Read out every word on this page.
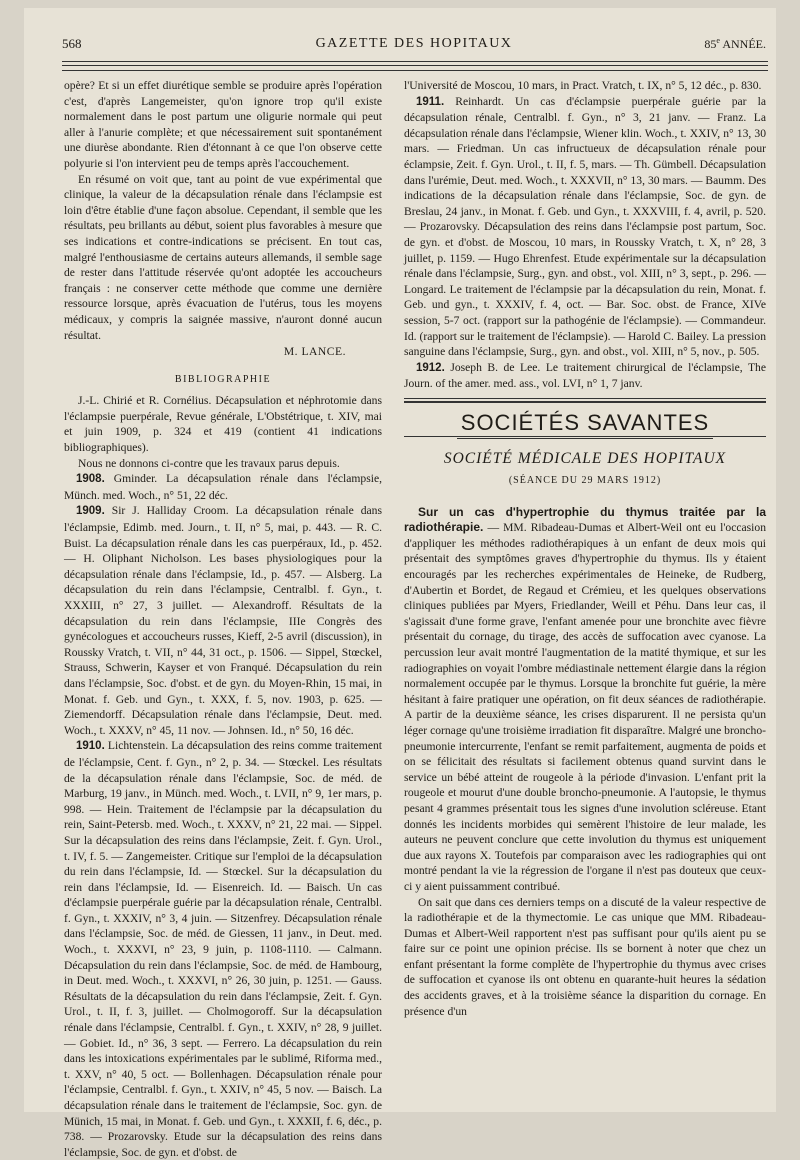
568	GAZETTE DES HOPITAUX	85e ANNÉE.

opère? Et si un effet diurétique semble se produire après l'opération c'est, d'après Langemeister, qu'on ignore trop qu'il existe normalement dans le post partum une oligurie normale qui peut aller à l'anurie complète; et que nécessairement suit spontanément une diurèse abondante. Rien d'étonnant à ce que l'on observe cette polyurie si l'on intervient peu de temps après l'accouchement.

En résumé on voit que, tant au point de vue expérimental que clinique, la valeur de la décapsulation rénale dans l'éclampsie est loin d'être établie d'une façon absolue. Cependant, il semble que les résultats, peu brillants au début, soient plus favorables à mesure que ses indications et contre-indications se précisent. En tout cas, malgré l'enthousiasme de certains auteurs allemands, il semble sage de rester dans l'attitude réservée qu'ont adoptée les accoucheurs français : ne conserver cette méthode que comme une dernière ressource lorsque, après évacuation de l'utérus, tous les moyens médicaux, y compris la saignée massive, n'auront donné aucun résultat.

M. LANCE.
BIBLIOGRAPHIE

J.-L. Chirié et R. Cornélius. Décapsulation et néphrotomie dans l'éclampsie puerpérale, Revue générale, L'Obstétrique, t. XIV, mai et juin 1909, p. 324 et 419 (contient 41 indications bibliographiques).

Nous ne donnons ci-contre que les travaux parus depuis.

1908. Gminder. La décapsulation rénale dans l'éclampsie, Münch. med. Woch., n° 51, 22 déc.

1909. Sir J. Halliday Croom. La décapsulation rénale dans l'éclampsie, Edimb. med. Journ., t. II, n° 5, mai, p. 443. — R. C. Buist. La décapsulation rénale dans les cas puerpéraux, Id., p. 452. — H. Oliphant Nicholson. Les bases physiologiques pour la décapsulation rénale dans l'éclampsie, Id., p. 457. — Alsberg. La décapsulation du rein dans l'éclampsie, Centralbl. f. Gyn., t. XXXIII, n° 27, 3 juillet. — Alexandroff. Résultats de la décapsulation du rein dans l'éclampsie, IIIe Congrès des gynécologues et accoucheurs russes, Kieff, 2-5 avril (discussion), in Roussky Vratch, t. VII, n° 44, 31 oct., p. 1506. — Sippel, Stœckel, Strauss, Schwerin, Kayser et von Franqué. Décapsulation du rein dans l'éclampsie, Soc. d'obst. et de gyn. du Moyen-Rhin, 15 mai, in Monat. f. Geb. und Gyn., t. XXX, f. 5, nov. 1903, p. 625. — Ziemendorff. Décapsulation rénale dans l'éclampsie, Deut. med. Woch., t. XXXV, n° 45, 11 nov. — Johnsen. Id., n° 50, 16 déc.

1910. Lichtenstein. La décapsulation des reins comme traitement de l'éclampsie, Cent. f. Gyn., n° 2, p. 34. — Stœckel. Les résultats de la décapsulation rénale dans l'éclampsie, Soc. de méd. de Marburg, 19 janv., in Münch. med. Woch., t. LVII, n° 9, 1er mars, p. 998. — Hein. Traitement de l'éclampsie par la décapsulation du rein, Saint-Petersb. med. Woch., t. XXXV, n° 21, 22 mai. — Sippel. Sur la décapsulation des reins dans l'éclampsie, Zeit. f. Gyn. Urol., t. IV, f. 5. — Zangemeister. Critique sur l'emploi de la décapsulation du rein dans l'éclampsie, Id. — Stœckel. Sur la décapsulation du rein dans l'éclampsie, Id. — Eisenreich. Id. — Baisch. Un cas d'éclampsie puerpérale guérie par la décapsulation rénale, Centralbl. f. Gyn., t. XXXIV, n° 3, 4 juin. — Sitzenfrey. Décapsulation rénale dans l'éclampsie, Soc. de méd. de Giessen, 11 janv., in Deut. med. Woch., t. XXXVI, n° 23, 9 juin, p. 1108-1110. — Calmann. Décapsulation du rein dans l'éclampsie, Soc. de méd. de Hambourg, in Deut. med. Woch., t. XXXVI, n° 26, 30 juin, p. 1251. — Gauss. Résultats de la décapsulation du rein dans l'éclampsie, Zeit. f. Gyn. Urol., t. II, f. 3, juillet. — Cholmogoroff. Sur la décapsulation rénale dans l'éclampsie, Centralbl. f. Gyn., t. XXIV, n° 28, 9 juillet. — Gobiet. Id., n° 36, 3 sept. — Ferrero. La décapsulation du rein dans les intoxications expérimentales par le sublimé, Riforma med., t. XXV, n° 40, 5 oct. — Bollenhagen. Décapsulation rénale pour l'éclampsie, Centralbl. f. Gyn., t. XXIV, n° 45, 5 nov. — Baisch. La décapsulation rénale dans le traitement de l'éclampsie, Soc. gyn. de Münich, 15 mai, in Monat. f. Geb. und Gyn., t. XXXII, f. 6, déc., p. 738. — Prozarovsky. Etude sur la décapsulation des reins dans l'éclampsie, Soc. de gyn. et d'obst. de

l'Université de Moscou, 10 mars, in Pract. Vratch, t. IX, n° 5, 12 déc., p. 830.

1911. Reinhardt. Un cas d'éclampsie puerpérale guérie par la décapsulation rénale, Centralbl. f. Gyn., n° 3, 21 janv. — Franz. La décapsulation rénale dans l'éclampsie, Wiener klin. Woch., t. XXIV, n° 13, 30 mars. — Friedman. Un cas infructueux de décapsulation rénale pour éclampsie, Zeit. f. Gyn. Urol., t. II, f. 5, mars. — Th. Gümbell. Décapsulation dans l'urémie, Deut. med. Woch., t. XXXVII, n° 13, 30 mars. — Baumm. Des indications de la décapsulation rénale dans l'éclampsie, Soc. de gyn. de Breslau, 24 janv., in Monat. f. Geb. und Gyn., t. XXXVIII, f. 4, avril, p. 520. — Prozarovsky. Décapsulation des reins dans l'éclampsie post partum, Soc. de gyn. et d'obst. de Moscou, 10 mars, in Roussky Vratch, t. X, n° 28, 3 juillet, p. 1159. — Hugo Ehrenfest. Etude expérimentale sur la décapsulation rénale dans l'éclampsie, Surg., gyn. and obst., vol. XIII, n° 3, sept., p. 296. — Longard. Le traitement de l'éclampsie par la décapsulation du rein, Monat. f. Geb. und gyn., t. XXXIV, f. 4, oct. — Bar. Soc. obst. de France, XIVe session, 5-7 oct. (rapport sur la pathogénie de l'éclampsie). — Commandeur. Id. (rapport sur le traitement de l'éclampsie). — Harold C. Bailey. La pression sanguine dans l'éclampsie, Surg., gyn. and obst., vol. XIII, n° 5, nov., p. 505.

1912. Joseph B. de Lee. Le traitement chirurgical de l'éclampsie, The Journ. of the amer. med. ass., vol. LVI, n° 1, 7 janv.

SOCIÉTÉS SAVANTES
SOCIÉTÉ MÉDICALE DES HOPITAUX
(SÉANCE DU 29 MARS 1912)

Sur un cas d'hypertrophie du thymus traitée par la radiothérapie. — MM. Ribadeau-Dumas et Albert-Weil ont eu l'occasion d'appliquer les méthodes radiothérapiques à un enfant de deux mois qui présentait des symptômes graves d'hypertrophie du thymus. Ils y étaient encouragés par les recherches expérimentales de Heineke, de Rudberg, d'Aubertin et Bordet, de Regaud et Crémieu, et les quelques observations cliniques publiées par Myers, Friedlander, Weill et Péhu. Dans leur cas, il s'agissait d'une forme grave, l'enfant amenée pour une bronchite avec fièvre présentait du cornage, du tirage, des accès de suffocation avec cyanose. La percussion leur avait montré l'augmentation de la matité thymique, et sur les radiographies on voyait l'ombre médiastinale nettement élargie dans la région normalement occupée par le thymus. Lorsque la bronchite fut guérie, la mère hésitant à faire pratiquer une opération, on fit deux séances de radiothérapie. A partir de la deuxième séance, les crises disparurent. Il ne persista qu'un léger cornage qu'une troisième irradiation fit disparaître. Malgré une broncho-pneumonie intercurrente, l'enfant se remit parfaitement, augmenta de poids et on se félicitait des résultats si facilement obtenus quand survint dans le service un bébé atteint de rougeole à la période d'invasion. L'enfant prit la rougeole et mourut d'une double broncho-pneumonie. A l'autopsie, le thymus pesant 4 grammes présentait tous les signes d'une involution scléreuse. Etant donnés les incidents morbides qui semèrent l'histoire de leur malade, les auteurs ne peuvent conclure que cette involution du thymus est uniquement due aux rayons X. Toutefois par comparaison avec les radiographies qui ont montré pendant la vie la régression de l'organe il n'est pas douteux que ceux-ci y aient puissamment contribué.

On sait que dans ces derniers temps on a discuté de la valeur respective de la radiothérapie et de la thymectomie. Le cas unique que MM. Ribadeau-Dumas et Albert-Weil rapportent n'est pas suffisant pour qu'ils aient pu se faire sur ce point une opinion précise. Ils se bornent à noter que chez un enfant présentant la forme complète de l'hypertrophie du thymus avec crises de suffocation et cyanose ils ont obtenu en quarante-huit heures la sédation des accidents graves, et à la troisième séance la disparition du cornage. En présence d'un
